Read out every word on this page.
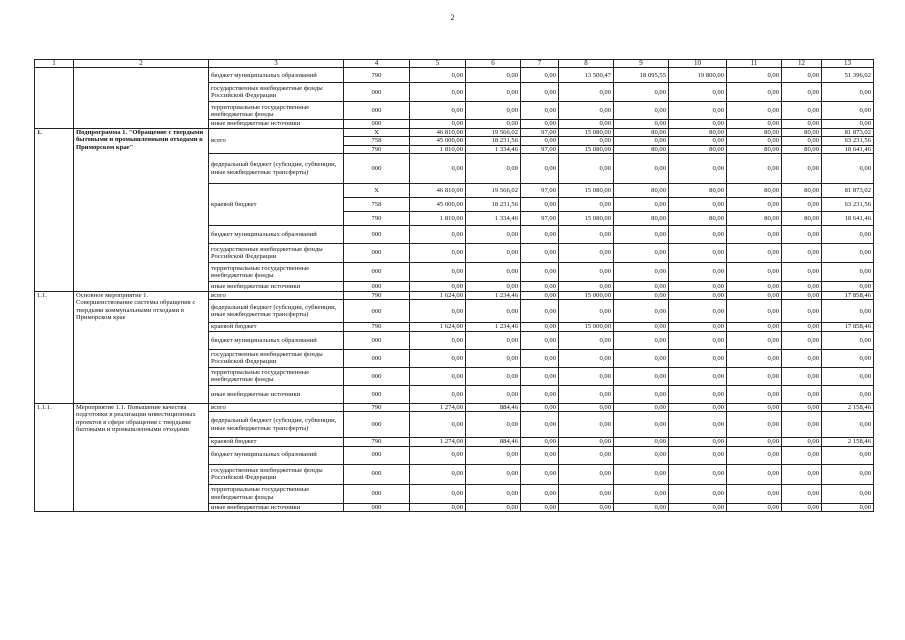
2
1	2	3	4	5	6	7	8	9	10	11	12	13
		бюджет муниципальных образований	790	0,00	0,00	0,00	13 500,47	18 095,55	19 800,00	0,00	0,00	51 396,02
		государственные внебюджетные фонды Российской Федерации	000	0,00	0,00	0,00	0,00	0,00	0,00	0,00	0,00	0,00
		территориальные государственные внебюджетные фонды	000	0,00	0,00	0,00	0,00	0,00	0,00	0,00	0,00	0,00
		иные внебюджетные источники	000	0,00	0,00	0,00	0,00	0,00	0,00	0,00	0,00	0,00
1.	Подпрограмма 1. "Обращение с твердыми бытовыми и промышленными отходами в Приморском крае"	всего	X	46 810,00	19 566,02	97,00	15 080,00	80,00	80,00	80,00	80,00	81 873,02
			758	45 000,00	18 231,56	0,00	0,00	0,00	0,00	0,00	0,00	63 231,56
			790	1 810,00	1 334,46	97,00	15 080,00	80,00	80,00	80,00	80,00	18 641,46
		федеральный бюджет (субсидии, субвенции, иные межбюджетные трансферты)	000	0,00	0,00	0,00	0,00	0,00	0,00	0,00	0,00	0,00
		краевой бюджет	X	46 810,00	19 566,02	97,00	15 080,00	80,00	80,00	80,00	80,00	81 873,02
			758	45 000,00	18 231,56	0,00	0,00	0,00	0,00	0,00	0,00	63 231,56
			790	1 810,00	1 334,46	97,00	15 080,00	80,00	80,00	80,00	80,00	18 641,46
		бюджет муниципальных образований	000	0,00	0,00	0,00	0,00	0,00	0,00	0,00	0,00	0,00
		государственные внебюджетные фонды Российской Федерации	000	0,00	0,00	0,00	0,00	0,00	0,00	0,00	0,00	0,00
		территориальные государственные внебюджетные фонды	000	0,00	0,00	0,00	0,00	0,00	0,00	0,00	0,00	0,00
		иные внебюджетные источники	000	0,00	0,00	0,00	0,00	0,00	0,00	0,00	0,00	0,00
1.1.	Основное мероприятие 1. Совершенствование системы обращения с твердыми коммунальными отходами в Приморском крае	всего	790	1 624,00	1 234,46	0,00	15 000,00	0,00	0,00	0,00	0,00	17 858,46
		федеральный бюджет (субсидии, субвенции, иные межбюджетные трансферты)	000	0,00	0,00	0,00	0,00	0,00	0,00	0,00	0,00	0,00
		краевой бюджет	790	1 624,00	1 234,46	0,00	15 000,00	0,00	0,00	0,00	0,00	17 858,46
		бюджет муниципальных образований	000	0,00	0,00	0,00	0,00	0,00	0,00	0,00	0,00	0,00
		государственные внебюджетные фонды Российской Федерации	000	0,00	0,00	0,00	0,00	0,00	0,00	0,00	0,00	0,00
		территориальные государственные внебюджетные фонды	000	0,00	0,00	0,00	0,00	0,00	0,00	0,00	0,00	0,00
		иные внебюджетные источники	000	0,00	0,00	0,00	0,00	0,00	0,00	0,00	0,00	0,00
1.1.1.	Мероприятие 1.1. Повышение качества подготовки в реализации инвестиционных проектов в сфере обращения с твердыми бытовыми и промышленными отходами	всего	790	1 274,00	884,46	0,00	0,00	0,00	0,00	0,00	0,00	2 158,46
		федеральный бюджет (субсидии, субвенции, иные межбюджетные трансферты)	000	0,00	0,00	0,00	0,00	0,00	0,00	0,00	0,00	0,00
		краевой бюджет	790	1 274,00	884,46	0,00	0,00	0,00	0,00	0,00	0,00	2 158,46
		бюджет муниципальных образований	000	0,00	0,00	0,00	0,00	0,00	0,00	0,00	0,00	0,00
		государственные внебюджетные фонды Российской Федерации	000	0,00	0,00	0,00	0,00	0,00	0,00	0,00	0,00	0,00
		территориальные государственные внебюджетные фонды	000	0,00	0,00	0,00	0,00	0,00	0,00	0,00	0,00	0,00
		иные внебюджетные источники	000	0,00	0,00	0,00	0,00	0,00	0,00	0,00	0,00	0,00
